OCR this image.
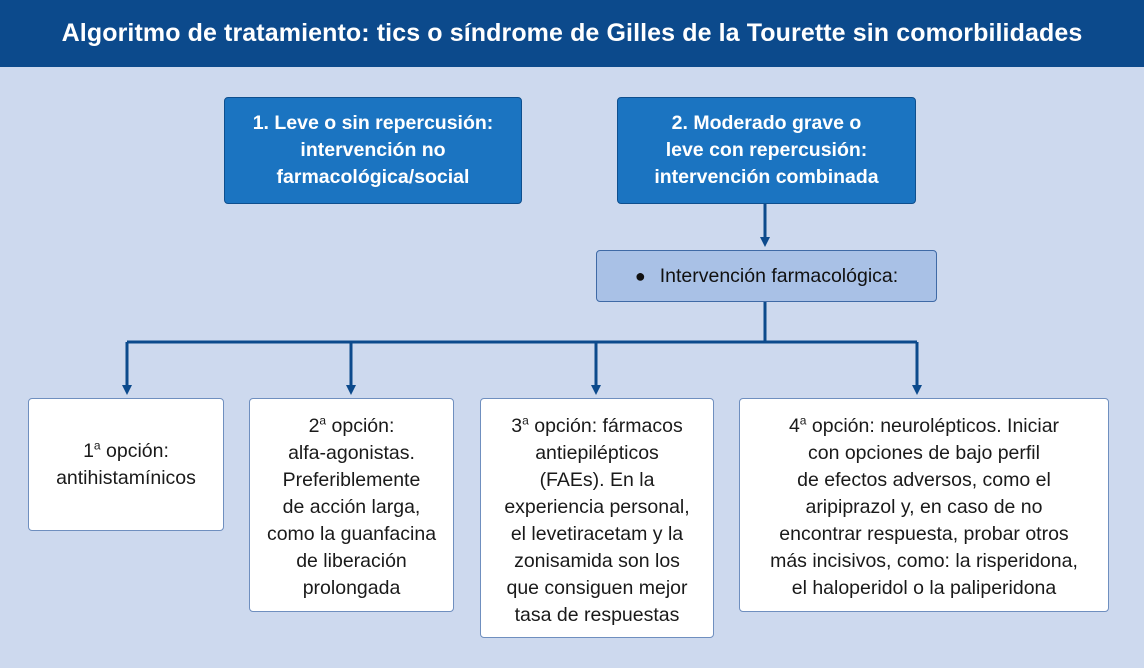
Algoritmo de tratamiento: tics o síndrome de Gilles de la Tourette sin comorbilidades
1. Leve o sin repercusión:
intervención no
farmacológica/social
2. Moderado grave o
leve con repercusión:
intervención combinada
● Intervención farmacológica:
1$^a$ opción:
antihistamínicos
2$^a$ opción:
alfa-agonistas.
Preferiblemente
de acción larga,
como la guanfacina
de liberación
prolongada
3$^a$ opción: fármacos
antiepilépticos
(FAEs). En la
experiencia personal,
el levetiracetam y la
zonisamida son los
que consiguen mejor
tasa de respuestas
4$^a$ opción: neurolépticos. Iniciar
con opciones de bajo perfil
de efectos adversos, como el
aripiprazol y, en caso de no
encontrar respuesta, probar otros
más incisivos, como: la risperidona,
el haloperidol o la paliperidona
